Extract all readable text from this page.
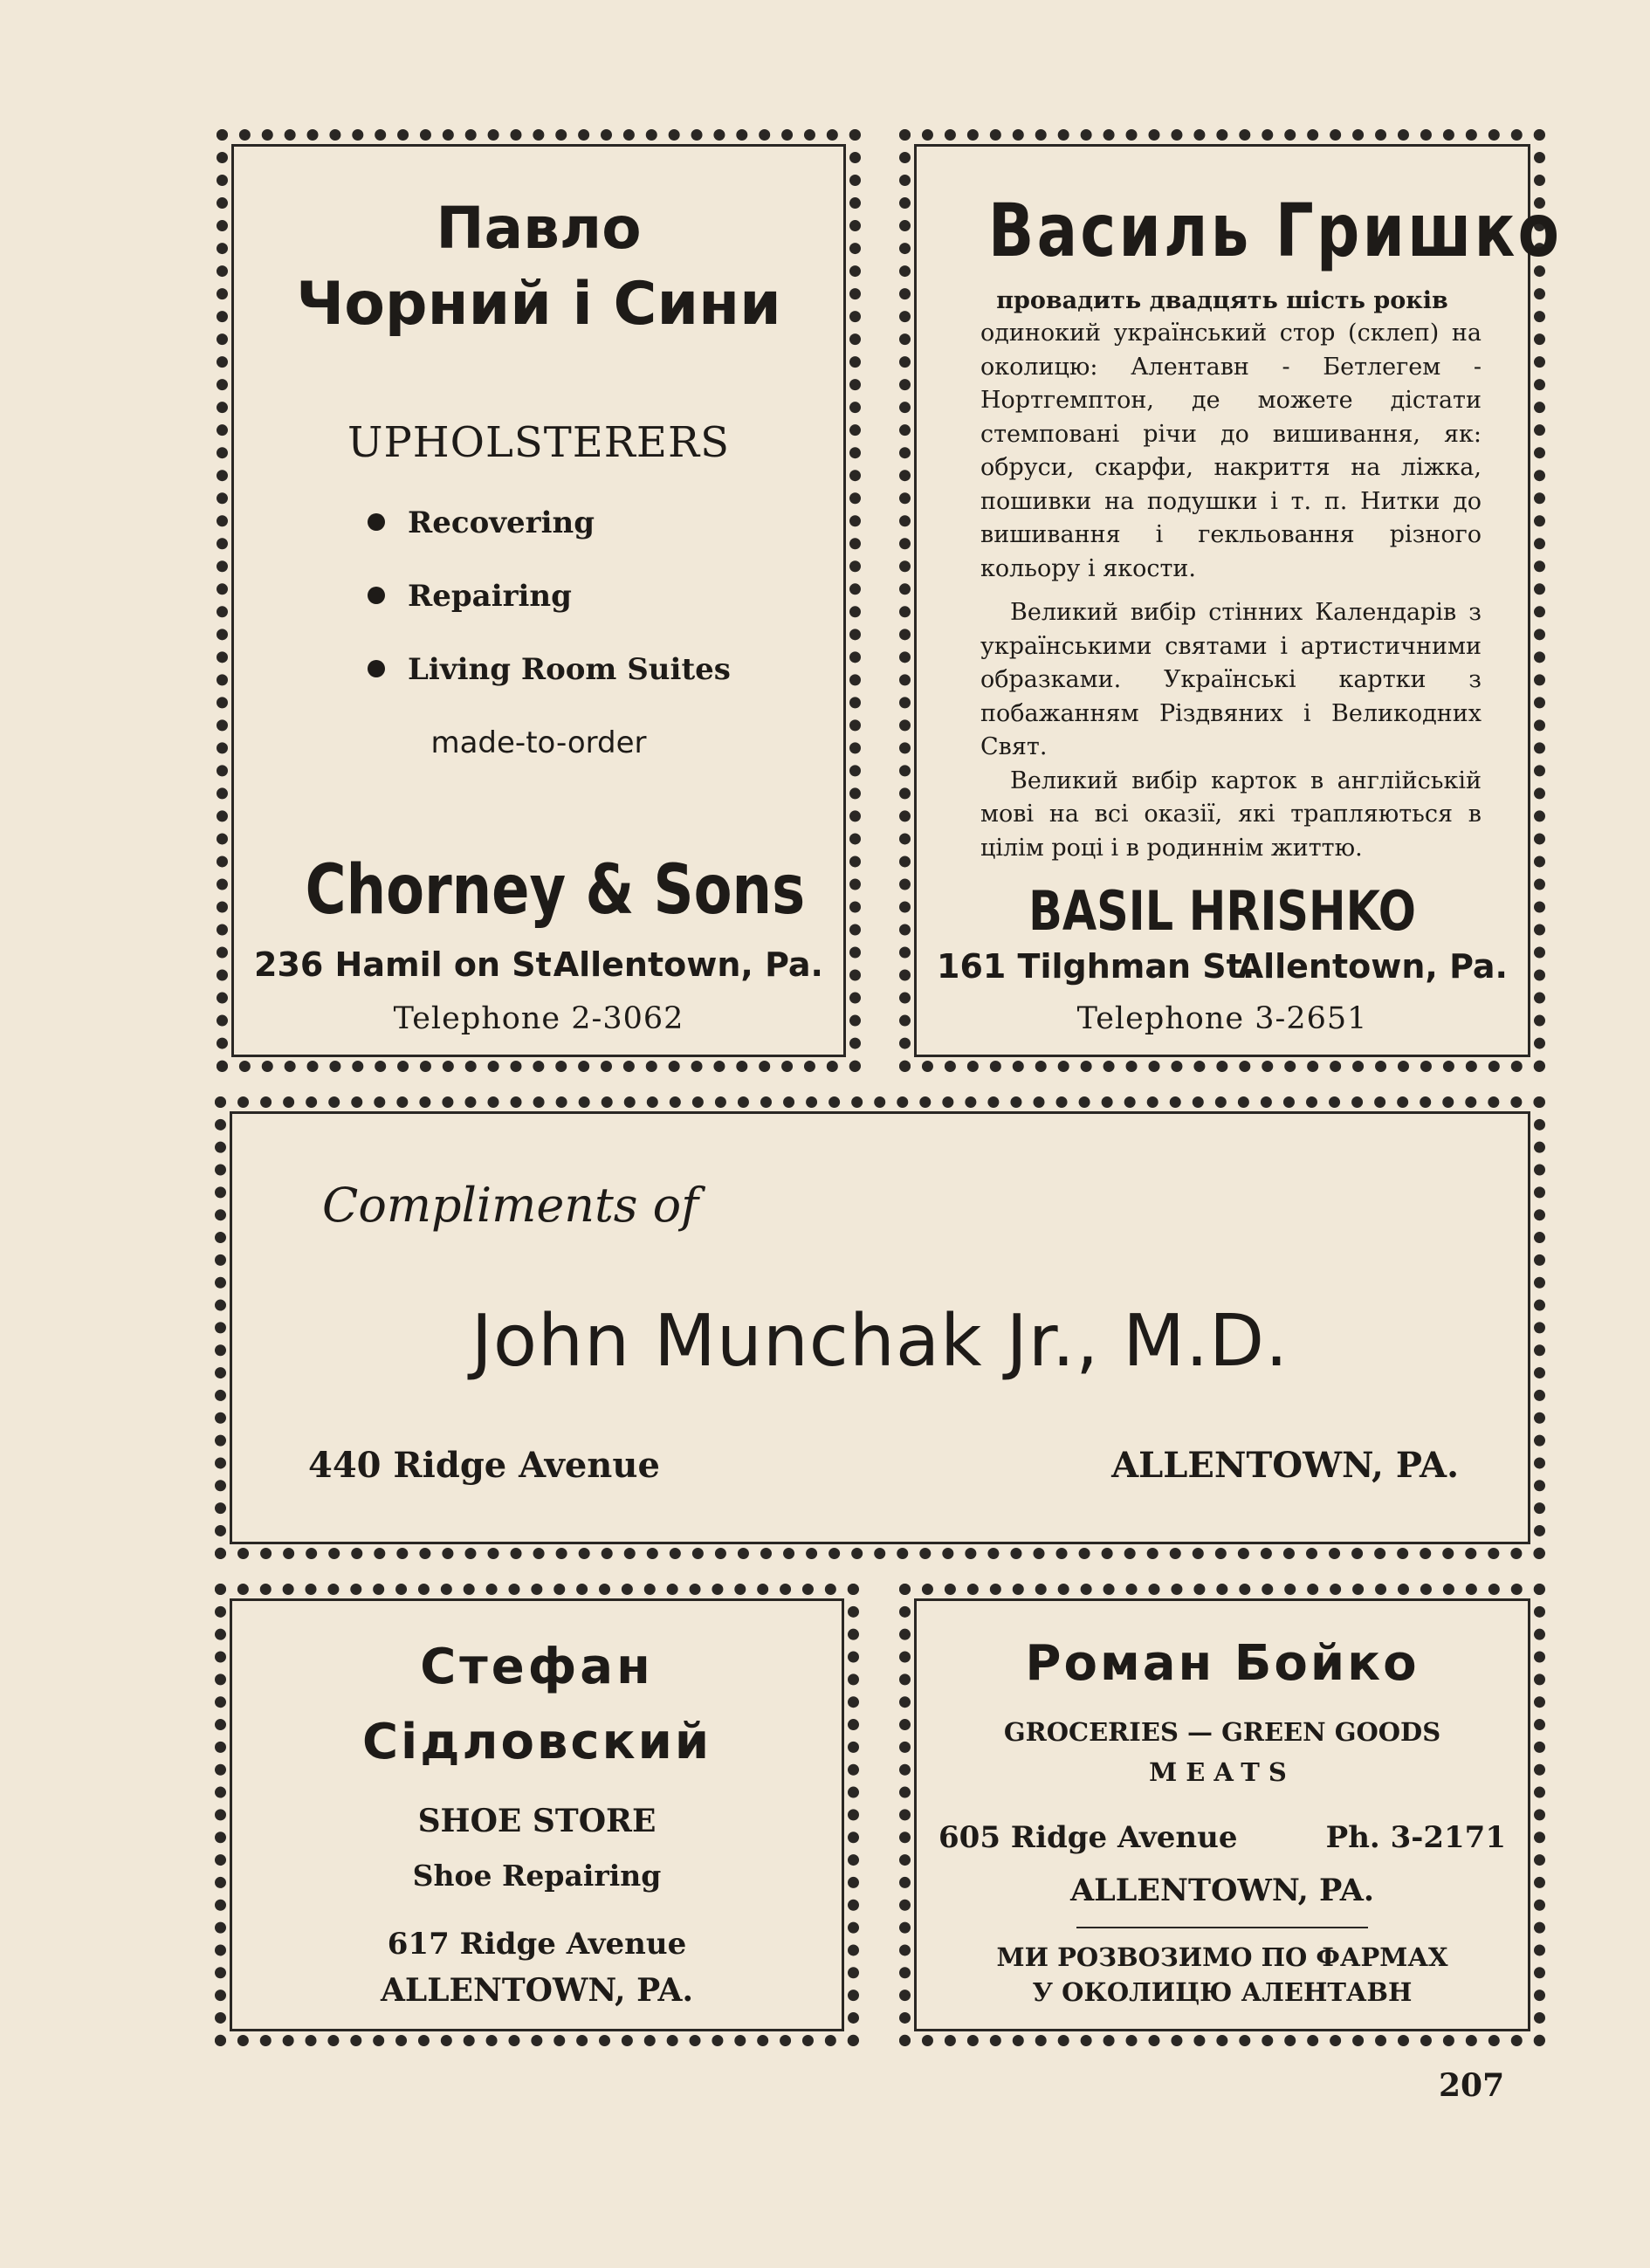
Павло
Чорний і Сини
UPHOLSTERERS
Recovering
Repairing
Living Room Suites
made-to-order
Chorney & Sons
236 Hamil on St.
Allentown, Pa.
Telephone 2-3062
Василь Гришко
провадить двадцять шість років

одинокий український стор (склеп) на околицю: Алентавн - Бетлегем - Нортгемптон, де можете дістати стемповані річи до вишивання, як: обруси, скарфи, накриття на ліжка, пошивки на подушки і т. п. Нитки до вишивання і гекльовання різного кольору і якости.

Великий вибір стінних Календарів з українськими святами і артистичними образками. Українські картки з побажанням Різдвяних і Великодних Свят.

Великий вибір карток в англійській мові на всі оказії, які трапляються в цілім році і в родиннім життю.

BASIL HRISHKO
161 Tilghman St.
Allentown, Pa.
Telephone 3-2651
Compliments of
John Munchak Jr., M.D.
440 Ridge Avenue	ALLENTOWN, PA.
Стефан
Сідловский
SHOE STORE
Shoe Repairing
617 Ridge Avenue
ALLENTOWN, PA.
Роман Бойко
GROCERIES — GREEN GOODS
MEATS
605 Ridge Avenue	Ph. 3-2171
ALLENTOWN, PA.
МИ РОЗВОЗИМО ПО ФАРМАХ
У ОКОЛИЦЮ АЛЕНТАВН
207
